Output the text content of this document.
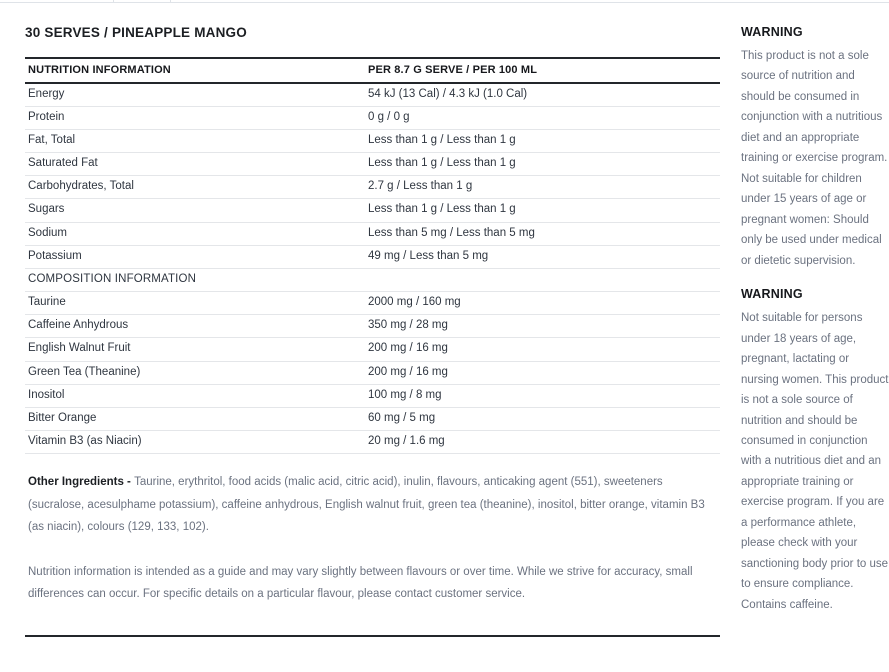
30 SERVES / PINEAPPLE MANGO
NUTRITION INFORMATION	PER 8.7 G SERVE / PER 100 ML
Energy	54 kJ (13 Cal) / 4.3 kJ (1.0 Cal)
Protein	0 g / 0 g
Fat, Total	Less than 1 g / Less than 1 g
Saturated Fat	Less than 1 g / Less than 1 g
Carbohydrates, Total	2.7 g / Less than 1 g
Sugars	Less than 1 g / Less than 1 g
Sodium	Less than 5 mg / Less than 5 mg
Potassium	49 mg / Less than 5 mg
COMPOSITION INFORMATION	
Taurine	2000 mg / 160 mg
Caffeine Anhydrous	350 mg / 28 mg
English Walnut Fruit	200 mg / 16 mg
Green Tea (Theanine)	200 mg / 16 mg
Inositol	100 mg / 8 mg
Bitter Orange	60 mg / 5 mg
Vitamin B3 (as Niacin)	20 mg / 1.6 mg

Other Ingredients - Taurine, erythritol, food acids (malic acid, citric acid), inulin, flavours, anticaking agent (551), sweeteners (sucralose, acesulphame potassium), caffeine anhydrous, English walnut fruit, green tea (theanine), inositol, bitter orange, vitamin B3 (as niacin), colours (129, 133, 102).

Nutrition information is intended as a guide and may vary slightly between flavours or over time. While we strive for accuracy, small differences can occur. For specific details on a particular flavour, please contact customer service.

WARNING

This product is not a sole source of nutrition and should be consumed in conjunction with a nutritious diet and an appropriate training or exercise program. Not suitable for children under 15 years of age or pregnant women: Should only be used under medical or dietetic supervision.

WARNING

Not suitable for persons under 18 years of age, pregnant, lactating or nursing women. This product is not a sole source of nutrition and should be consumed in conjunction with a nutritious diet and an appropriate training or exercise program. If you are a performance athlete, please check with your sanctioning body prior to use to ensure compliance. Contains caffeine.
